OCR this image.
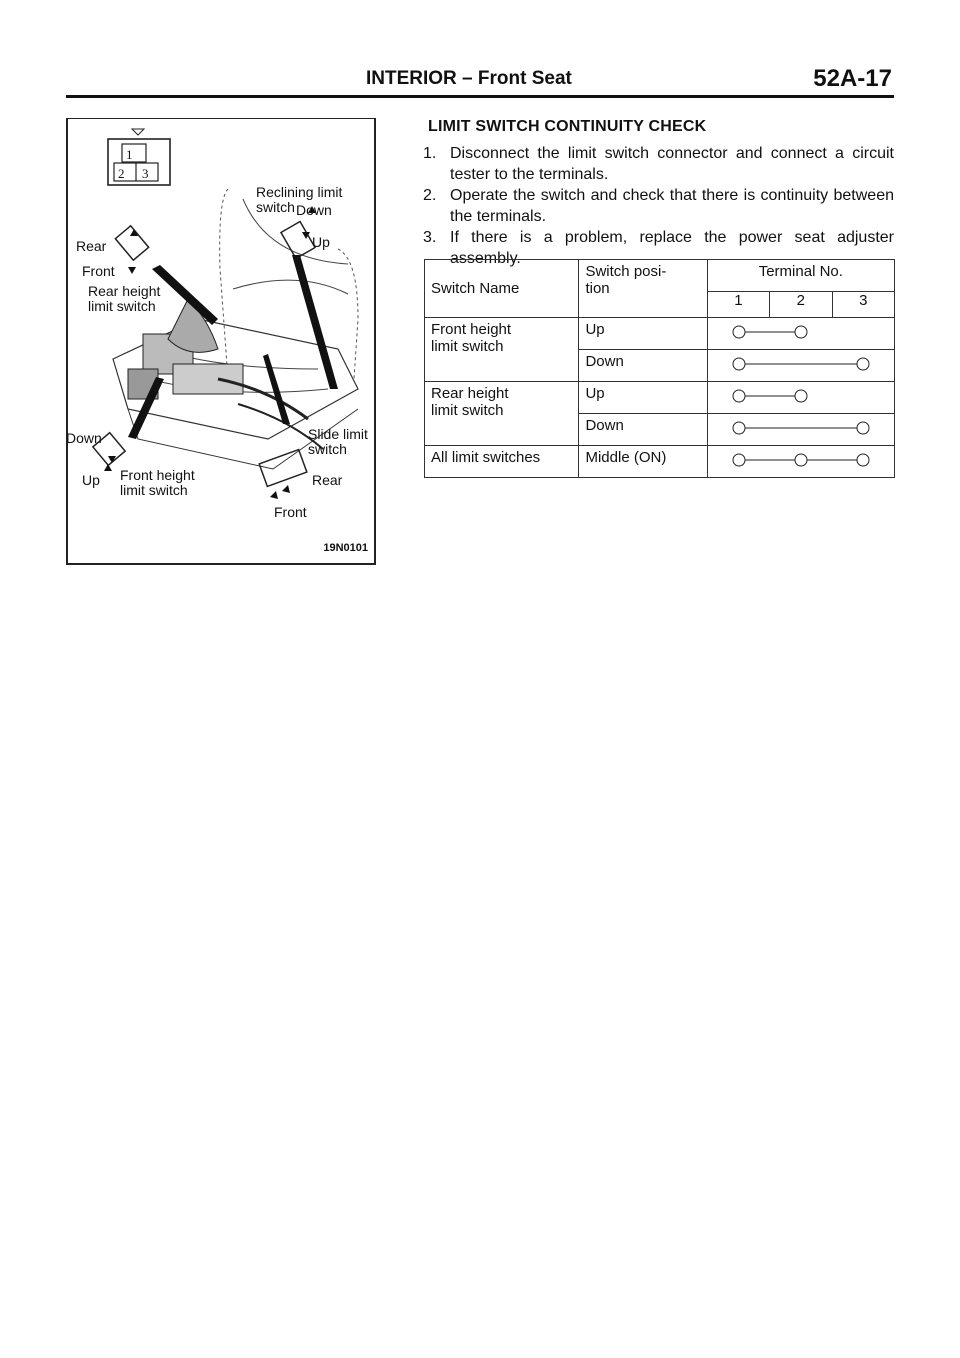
INTERIOR – Front Seat	52A-17
Reclining limit
switch Down
Up
Rear
Front
Rear height
limit switch
Down
Up Front height
limit switch
Slide limit
switch
Rear
Front
19N0101
1
2 3
LIMIT SWITCH CONTINUITY CHECK
1. Disconnect the limit switch connector and connect a circuit tester to the terminals.
2. Operate the switch and check that there is continuity between the terminals.
3. If there is a problem, replace the power seat adjuster assembly.
Switch Name	Switch posi-
tion	Terminal No.		
		1	2	3
Front height
limit switch	Up	

	Down	

Rear height
limit switch	Up	

	Down	

All limit switches	Middle (ON)	
